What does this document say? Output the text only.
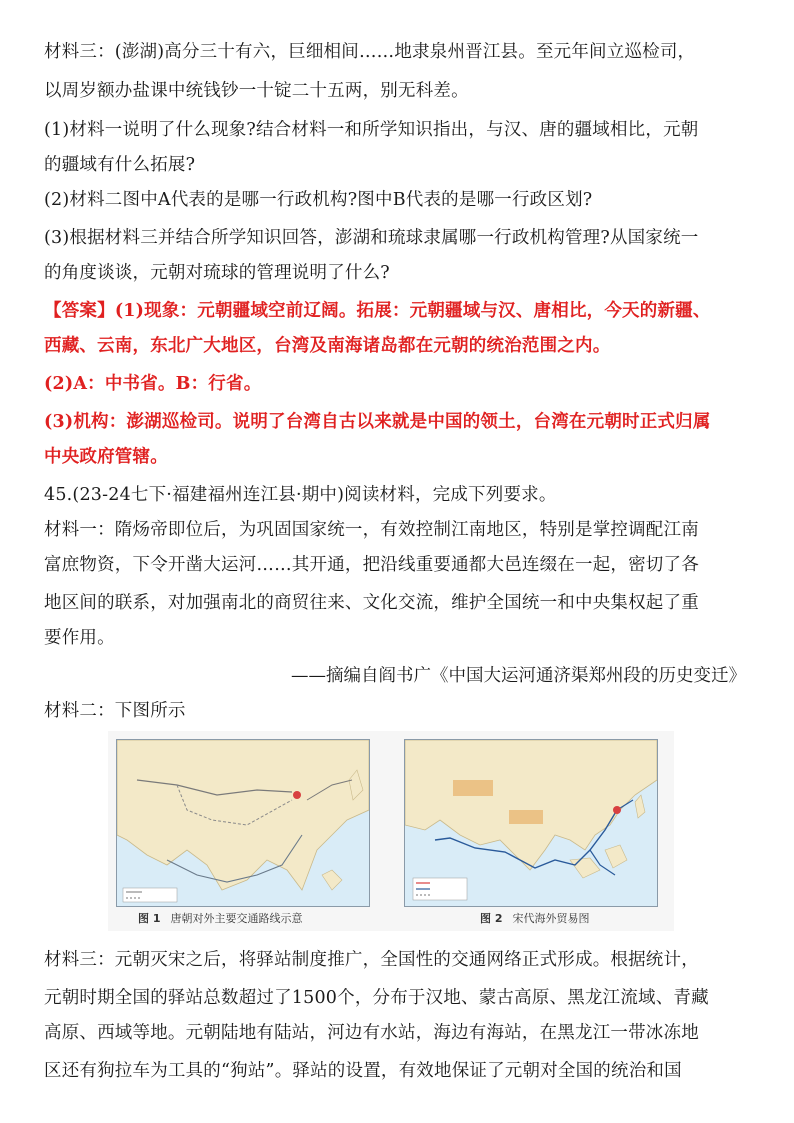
材料三：(澎湖)高分三十有六，巨细相间……地隶泉州晋江县。至元年间立巡检司，
以周岁额办盐课中统钱钞一十锭二十五两，别无科差。
(1)材料一说明了什么现象?结合材料一和所学知识指出，与汉、唐的疆域相比，元朝
的疆域有什么拓展?
(2)材料二图中A代表的是哪一行政机构?图中B代表的是哪一行政区划?
(3)根据材料三并结合所学知识回答，澎湖和琉球隶属哪一行政机构管理?从国家统一
的角度谈谈，元朝对琉球的管理说明了什么?
【答案】(1)现象：元朝疆域空前辽阔。拓展：元朝疆域与汉、唐相比，今天的新疆、
西藏、云南，东北广大地区，台湾及南海诸岛都在元朝的统治范围之内。
(2)A：中书省。B：行省。
(3)机构：澎湖巡检司。说明了台湾自古以来就是中国的领土，台湾在元朝时正式归属
中央政府管辖。
45.(23-24七下·福建福州连江县·期中)阅读材料，完成下列要求。
材料一：隋炀帝即位后，为巩固国家统一，有效控制江南地区，特别是掌控调配江南
富庶物资，下令开凿大运河……其开通，把沿线重要通都大邑连缀在一起，密切了各
地区间的联系，对加强南北的商贸往来、文化交流，维护全国统一和中央集权起了重
要作用。
——摘编自阎书广《中国大运河通济渠郑州段的历史变迁》
材料二：下图所示
图 1 唐朝对外主要交通路线示意	图 2 宋代海外贸易图
材料三：元朝灭宋之后，将驿站制度推广，全国性的交通网络正式形成。根据统计，
元朝时期全国的驿站总数超过了1500个，分布于汉地、蒙古高原、黑龙江流域、青藏
高原、西域等地。元朝陆地有陆站，河边有水站，海边有海站，在黑龙江一带冰冻地
区还有狗拉车为工具的“狗站”。驿站的设置，有效地保证了元朝对全国的统治和国
